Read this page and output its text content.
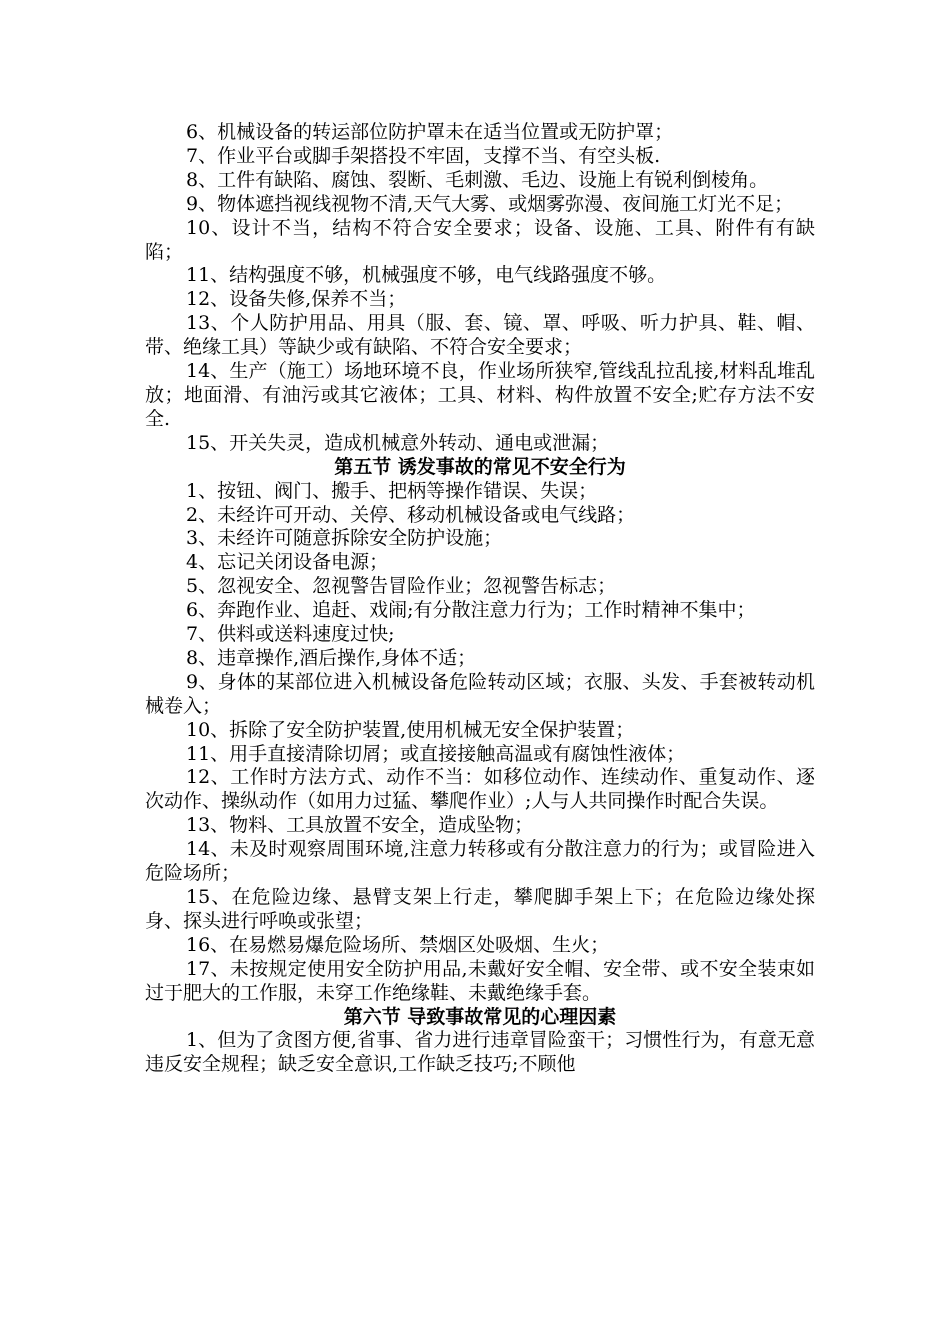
6、机械设备的转运部位防护罩未在适当位置或无防护罩；

7、作业平台或脚手架搭投不牢固，支撑不当、有空头板.

8、工件有缺陷、腐蚀、裂断、毛刺激、毛边、设施上有锐利倒棱角。

9、物体遮挡视线视物不清,天气大雾、或烟雾弥漫、夜间施工灯光不足；

10、设计不当，结构不符合安全要求；设备、设施、工具、附件有有缺陷；

11、结构强度不够，机械强度不够，电气线路强度不够。

12、设备失修,保养不当；

13、个人防护用品、用具（服、套、镜、罩、呼吸、听力护具、鞋、帽、带、绝缘工具）等缺少或有缺陷、不符合安全要求；

14、生产（施工）场地环境不良，作业场所狭窄,管线乱拉乱接,材料乱堆乱放；地面滑、有油污或其它液体；工具、材料、构件放置不安全;贮存方法不安全.

15、开关失灵，造成机械意外转动、通电或泄漏；

第五节 诱发事故的常见不安全行为

1、按钮、阀门、搬手、把柄等操作错误、失误；

2、未经许可开动、关停、移动机械设备或电气线路；

3、未经许可随意拆除安全防护设施；

4、忘记关闭设备电源；

5、忽视安全、忽视警告冒险作业；忽视警告标志；

6、奔跑作业、追赶、戏闹;有分散注意力行为；工作时精神不集中；

7、供料或送料速度过快;

8、违章操作,酒后操作,身体不适；

9、身体的某部位进入机械设备危险转动区域；衣服、头发、手套被转动机械卷入；

10、拆除了安全防护装置,使用机械无安全保护装置；

11、用手直接清除切屑；或直接接触高温或有腐蚀性液体；

12、工作时方法方式、动作不当：如移位动作、连续动作、重复动作、逐次动作、操纵动作（如用力过猛、攀爬作业）;人与人共同操作时配合失误。

13、物料、工具放置不安全，造成坠物；

14、未及时观察周围环境,注意力转移或有分散注意力的行为；或冒险进入危险场所；

15、在危险边缘、悬臂支架上行走，攀爬脚手架上下；在危险边缘处探身、探头进行呼唤或张望；

16、在易燃易爆危险场所、禁烟区处吸烟、生火；

17、未按规定使用安全防护用品,未戴好安全帽、安全带、或不安全装束如过于肥大的工作服，未穿工作绝缘鞋、未戴绝缘手套。

第六节 导致事故常见的心理因素

1、但为了贪图方便,省事、省力进行违章冒险蛮干；习惯性行为，有意无意违反安全规程；缺乏安全意识,工作缺乏技巧;不顾他
